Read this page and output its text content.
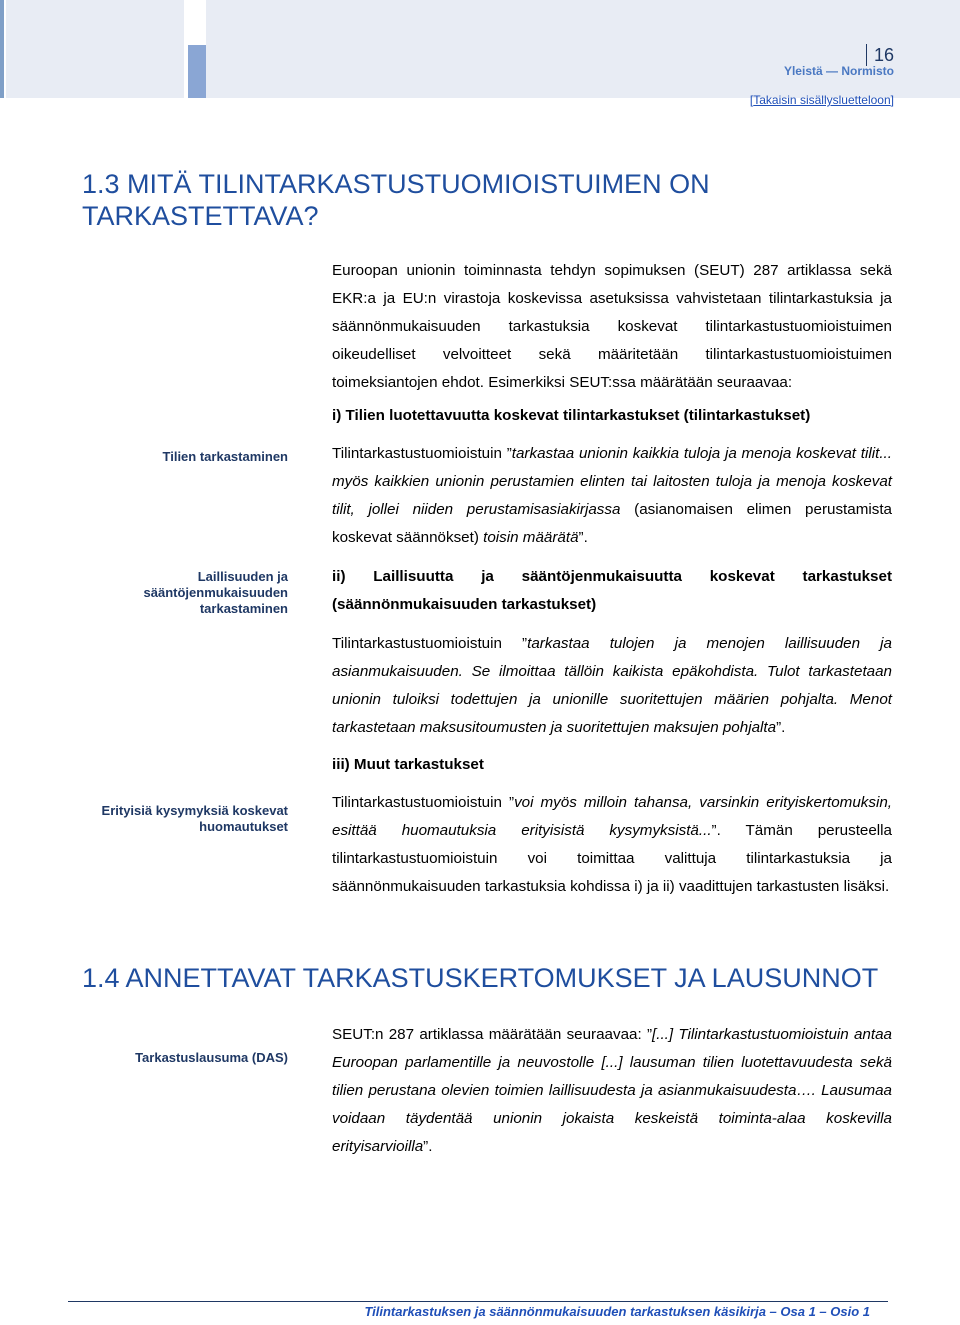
16
Yleistä — Normisto
[Takaisin sisällysluetteloon]
1.3 MITÄ TILINTARKASTUSTUOMIOISTUIMEN ON TARKASTETTAVA?
Euroopan unionin toiminnasta tehdyn sopimuksen (SEUT) 287 artiklassa sekä EKR:a ja EU:n virastoja koskevissa asetuksissa vahvistetaan tilintarkastuksia ja säännönmukaisuuden tarkastuksia koskevat tilintarkastustuomioistuimen oikeudelliset velvoitteet sekä määritetään tilintarkastustuomioistuimen toimeksiantojen ehdot. Esimerkiksi SEUT:ssa määrätään seuraavaa:
i) Tilien luotettavuutta koskevat tilintarkastukset (tilintarkastukset)
Tilien tarkastaminen	Tilintarkastustuomioistuin ”tarkastaa unionin kaikkia tuloja ja menoja koskevat tilit... myös kaikkien unionin perustamien elinten tai laitosten tuloja ja menoja koskevat tilit, jollei niiden perustamisasiakirjassa (asianomaisen elimen perustamista koskevat säännökset) toisin määrätä”.
Laillisuuden ja
sääntöjenmukaisuuden
tarkastaminen
ii) Laillisuutta ja sääntöjenmukaisuutta koskevat tarkastukset (säännönmukaisuuden tarkastukset)
Tilintarkastustuomioistuin ”tarkastaa tulojen ja menojen laillisuuden ja asianmukaisuuden. Se ilmoittaa tällöin kaikista epäkohdista. Tulot tarkastetaan unionin tuloiksi todettujen ja unionille suoritettujen määrien pohjalta. Menot tarkastetaan maksusitoumusten ja suoritettujen maksujen pohjalta”.
iii) Muut tarkastukset
Erityisiä kysymyksiä koskevat
huomautukset
Tilintarkastustuomioistuin ”voi myös milloin tahansa, varsinkin erityiskertomuksin, esittää huomautuksia erityisistä kysymyksistä...”. Tämän perusteella tilintarkastustuomioistuin voi toimittaa valittuja tilintarkastuksia ja säännönmukaisuuden tarkastuksia kohdissa i) ja ii) vaadittujen tarkastusten lisäksi.
1.4 ANNETTAVAT TARKASTUSKERTOMUKSET JA LAUSUNNOT
Tarkastuslausuma (DAS)
SEUT:n 287 artiklassa määrätään seuraavaa: ”[...] Tilintarkastustuomioistuin antaa Euroopan parlamentille ja neuvostolle [...] lausuman tilien luotettavuudesta sekä tilien perustana olevien toimien laillisuudesta ja asianmukaisuudesta…. Lausumaa voidaan täydentää unionin jokaista keskeistä toiminta-alaa koskevilla erityisarvioilla”.
Tilintarkastuksen ja säännönmukaisuuden tarkastuksen käsikirja – Osa 1 – Osio 1
